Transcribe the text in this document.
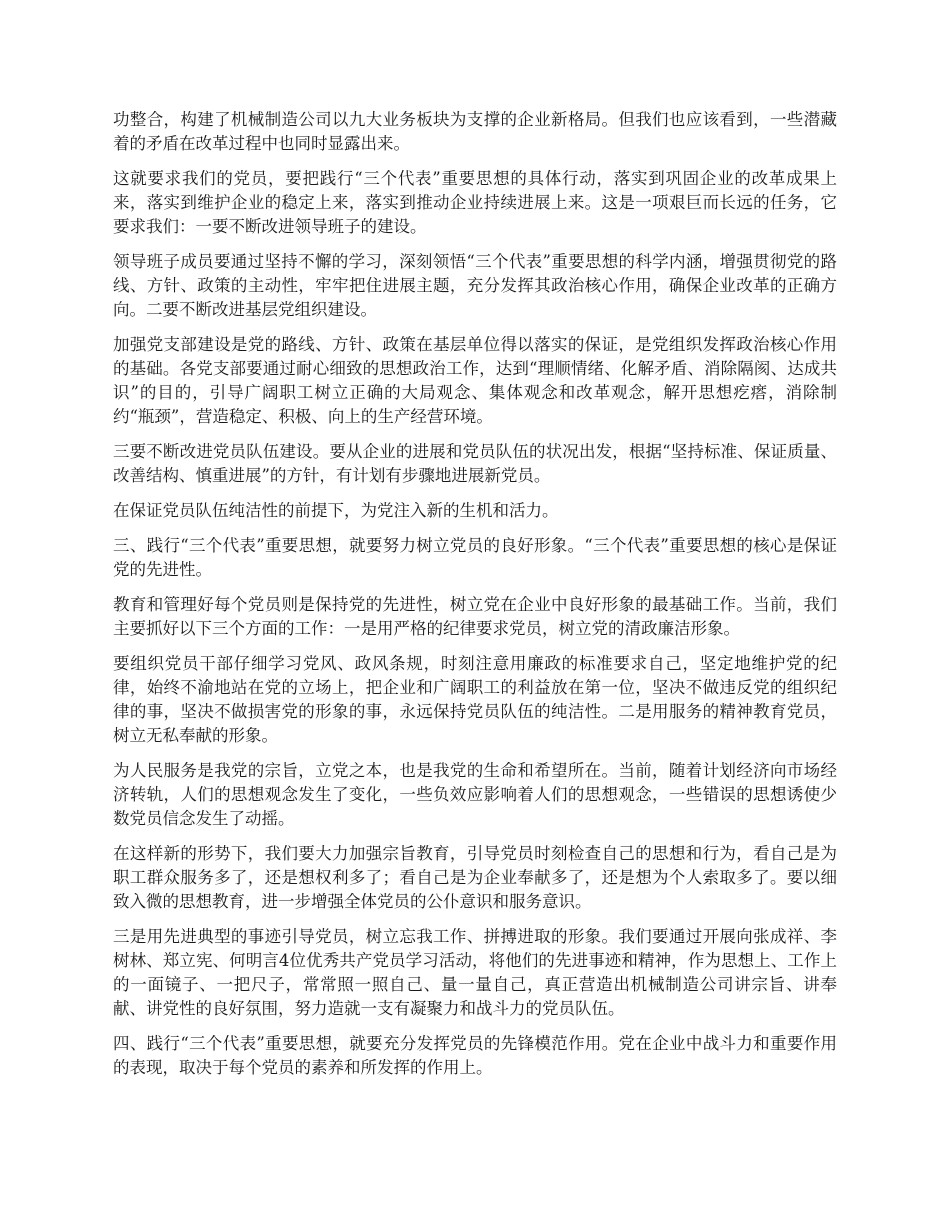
功整合，构建了机械制造公司以九大业务板块为支撑的企业新格局。但我们也应该看到，一些潜藏着的矛盾在改革过程中也同时显露出来。

这就要求我们的党员，要把践行“三个代表”重要思想的具体行动，落实到巩固企业的改革成果上来，落实到维护企业的稳定上来，落实到推动企业持续进展上来。这是一项艰巨而长远的任务，它要求我们：一要不断改进领导班子的建设。

领导班子成员要通过坚持不懈的学习，深刻领悟“三个代表”重要思想的科学内涵，增强贯彻党的路线、方针、政策的主动性，牢牢把住进展主题，充分发挥其政治核心作用，确保企业改革的正确方向。二要不断改进基层党组织建设。

加强党支部建设是党的路线、方针、政策在基层单位得以落实的保证，是党组织发挥政治核心作用的基础。各党支部要通过耐心细致的思想政治工作，达到“理顺情绪、化解矛盾、消除隔阂、达成共识”的目的，引导广阔职工树立正确的大局观念、集体观念和改革观念，解开思想疙瘩，消除制约“瓶颈”，营造稳定、积极、向上的生产经营环境。

三要不断改进党员队伍建设。要从企业的进展和党员队伍的状况出发，根据“坚持标准、保证质量、改善结构、慎重进展”的方针，有计划有步骤地进展新党员。

在保证党员队伍纯洁性的前提下，为党注入新的生机和活力。

三、践行“三个代表”重要思想，就要努力树立党员的良好形象。“三个代表”重要思想的核心是保证党的先进性。

教育和管理好每个党员则是保持党的先进性，树立党在企业中良好形象的最基础工作。当前，我们主要抓好以下三个方面的工作：一是用严格的纪律要求党员，树立党的清政廉洁形象。

要组织党员干部仔细学习党风、政风条规，时刻注意用廉政的标准要求自己，坚定地维护党的纪律，始终不渝地站在党的立场上，把企业和广阔职工的利益放在第一位，坚决不做违反党的组织纪律的事，坚决不做损害党的形象的事，永远保持党员队伍的纯洁性。二是用服务的精神教育党员，树立无私奉献的形象。

为人民服务是我党的宗旨，立党之本，也是我党的生命和希望所在。当前，随着计划经济向市场经济转轨，人们的思想观念发生了变化，一些负效应影响着人们的思想观念，一些错误的思想诱使少数党员信念发生了动摇。

在这样新的形势下，我们要大力加强宗旨教育，引导党员时刻检查自己的思想和行为，看自己是为职工群众服务多了，还是想权利多了；看自己是为企业奉献多了，还是想为个人索取多了。要以细致入微的思想教育，进一步增强全体党员的公仆意识和服务意识。

三是用先进典型的事迹引导党员，树立忘我工作、拼搏进取的形象。我们要通过开展向张成祥、李树林、郑立宪、何明言4位优秀共产党员学习活动，将他们的先进事迹和精神，作为思想上、工作上的一面镜子、一把尺子，常常照一照自己、量一量自己，真正营造出机械制造公司讲宗旨、讲奉献、讲党性的良好氛围，努力造就一支有凝聚力和战斗力的党员队伍。

四、践行“三个代表”重要思想，就要充分发挥党员的先锋模范作用。党在企业中战斗力和重要作用的表现，取决于每个党员的素养和所发挥的作用上。
